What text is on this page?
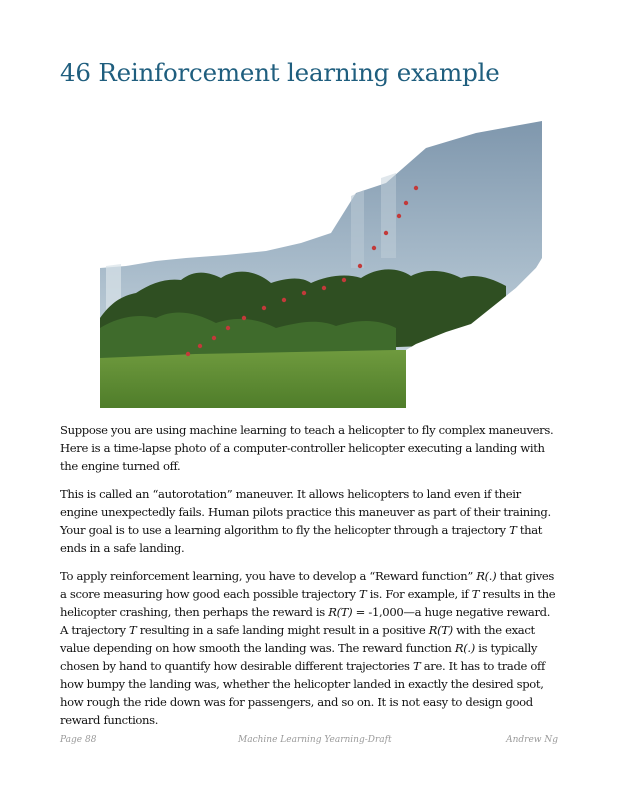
46 Reinforcement learning example

Suppose you are using machine learning to teach a helicopter to fly complex maneuvers. Here is a time-lapse photo of a computer-controller helicopter executing a landing with the engine turned off.

This is called an “autorotation” maneuver. It allows helicopters to land even if their engine unexpectedly fails. Human pilots practice this maneuver as part of their training. Your goal is to use a learning algorithm to fly the helicopter through a trajectory T that ends in a safe landing.

To apply reinforcement learning, you have to develop a “Reward function” R(.) that gives a score measuring how good each possible trajectory T is. For example, if T results in the helicopter crashing, then perhaps the reward is R(T) = -1,000—a huge negative reward. A trajectory T resulting in a safe landing might result in a positive R(T) with the exact value depending on how smooth the landing was. The reward function R(.) is typically chosen by hand to quantify how desirable different trajectories T are. It has to trade off how bumpy the landing was, whether the helicopter landed in exactly the desired spot, how rough the ride down was for passengers, and so on. It is not easy to design good reward functions.

Page 88	Machine Learning Yearning-Draft	Andrew Ng
